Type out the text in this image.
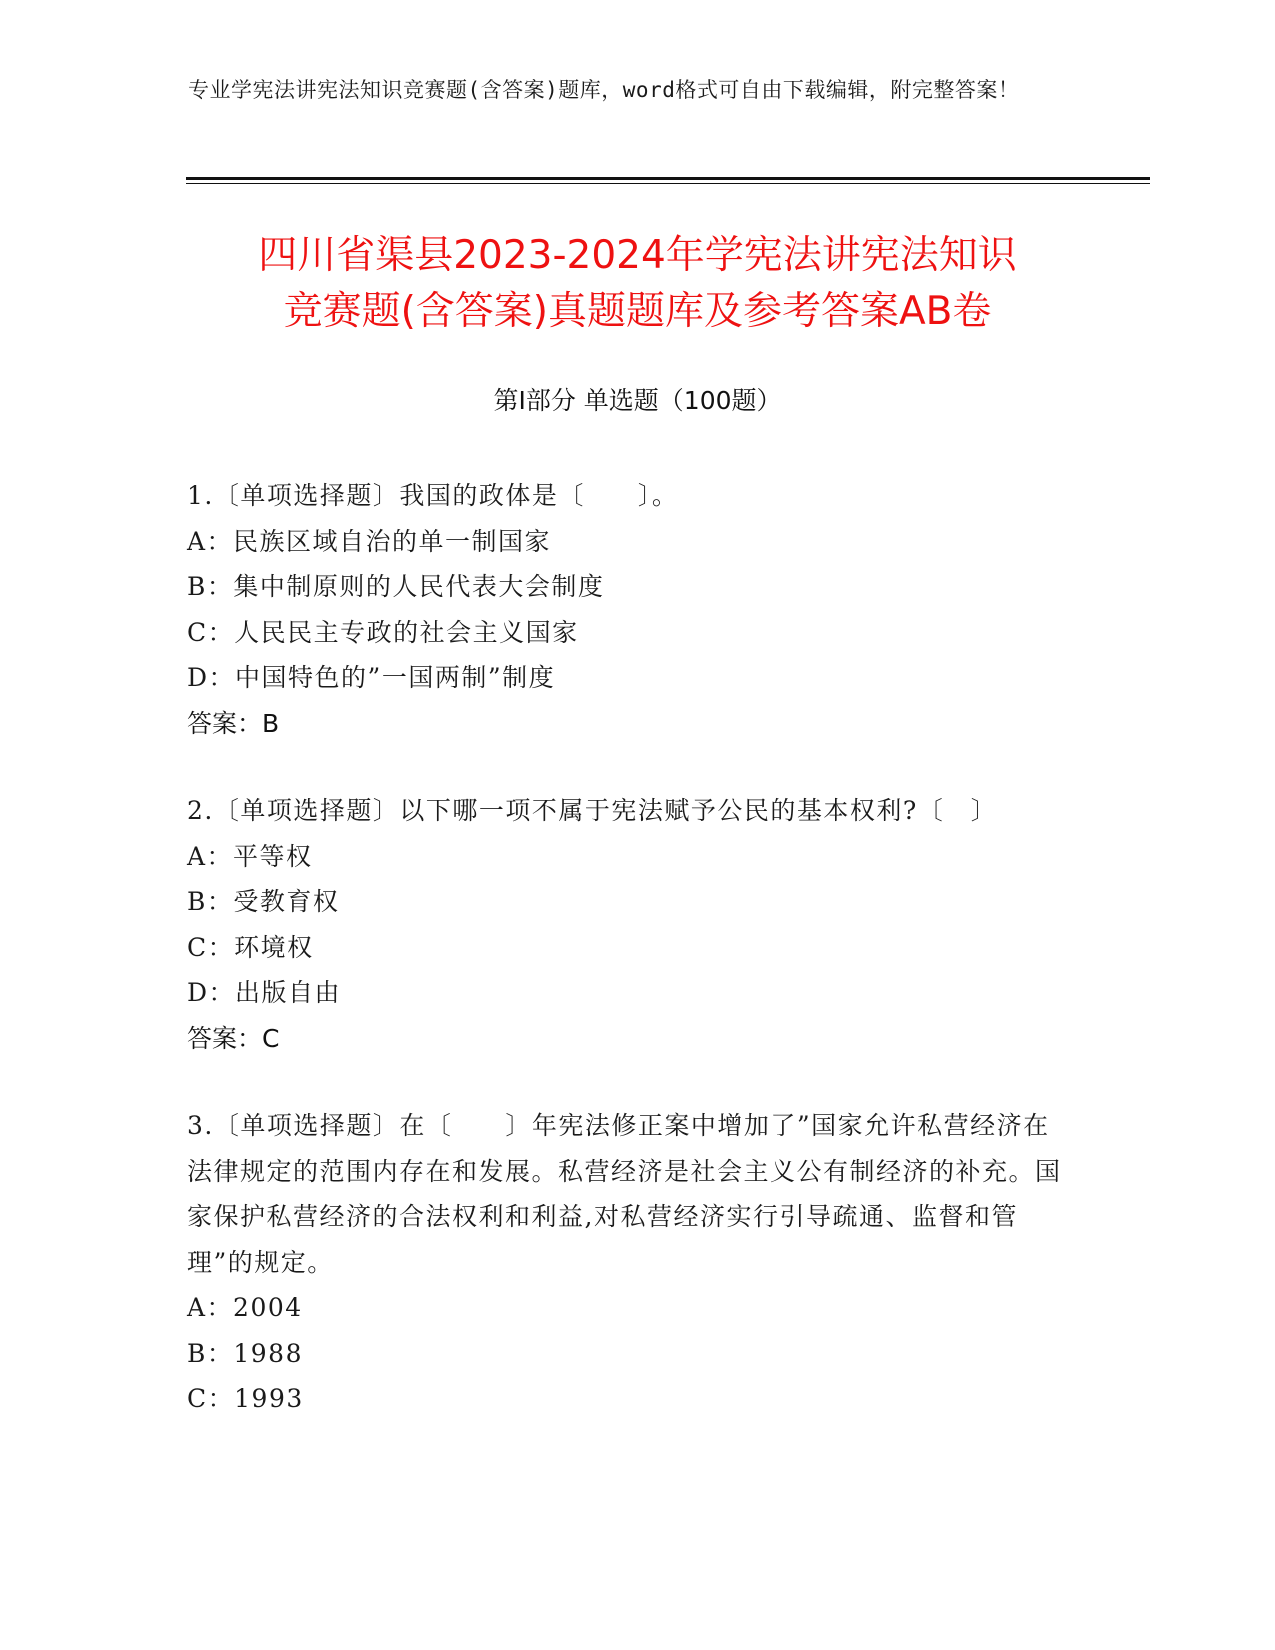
专业学宪法讲宪法知识竞赛题(含答案)题库，word格式可自由下载编辑，附完整答案！
四川省渠县2023-2024年学宪法讲宪法知识
竞赛题(含答案)真题题库及参考答案AB卷
第Ⅰ部分 单选题（100题）
1.〔单项选择题〕我国的政体是〔　　〕。
A：民族区域自治的单一制国家
B：集中制原则的人民代表大会制度
C：人民民主专政的社会主义国家
D：中国特色的”一国两制”制度
答案：B
2.〔单项选择题〕以下哪一项不属于宪法赋予公民的基本权利?〔　〕
A：平等权
B：受教育权
C：环境权
D：出版自由
答案：C
3.〔单项选择题〕在〔　　〕年宪法修正案中增加了”国家允许私营经济在法律规定的范围内存在和发展。私营经济是社会主义公有制经济的补充。国家保护私营经济的合法权利和利益,对私营经济实行引导疏通、监督和管理”的规定。
A：2004
B：1988
C：1993
